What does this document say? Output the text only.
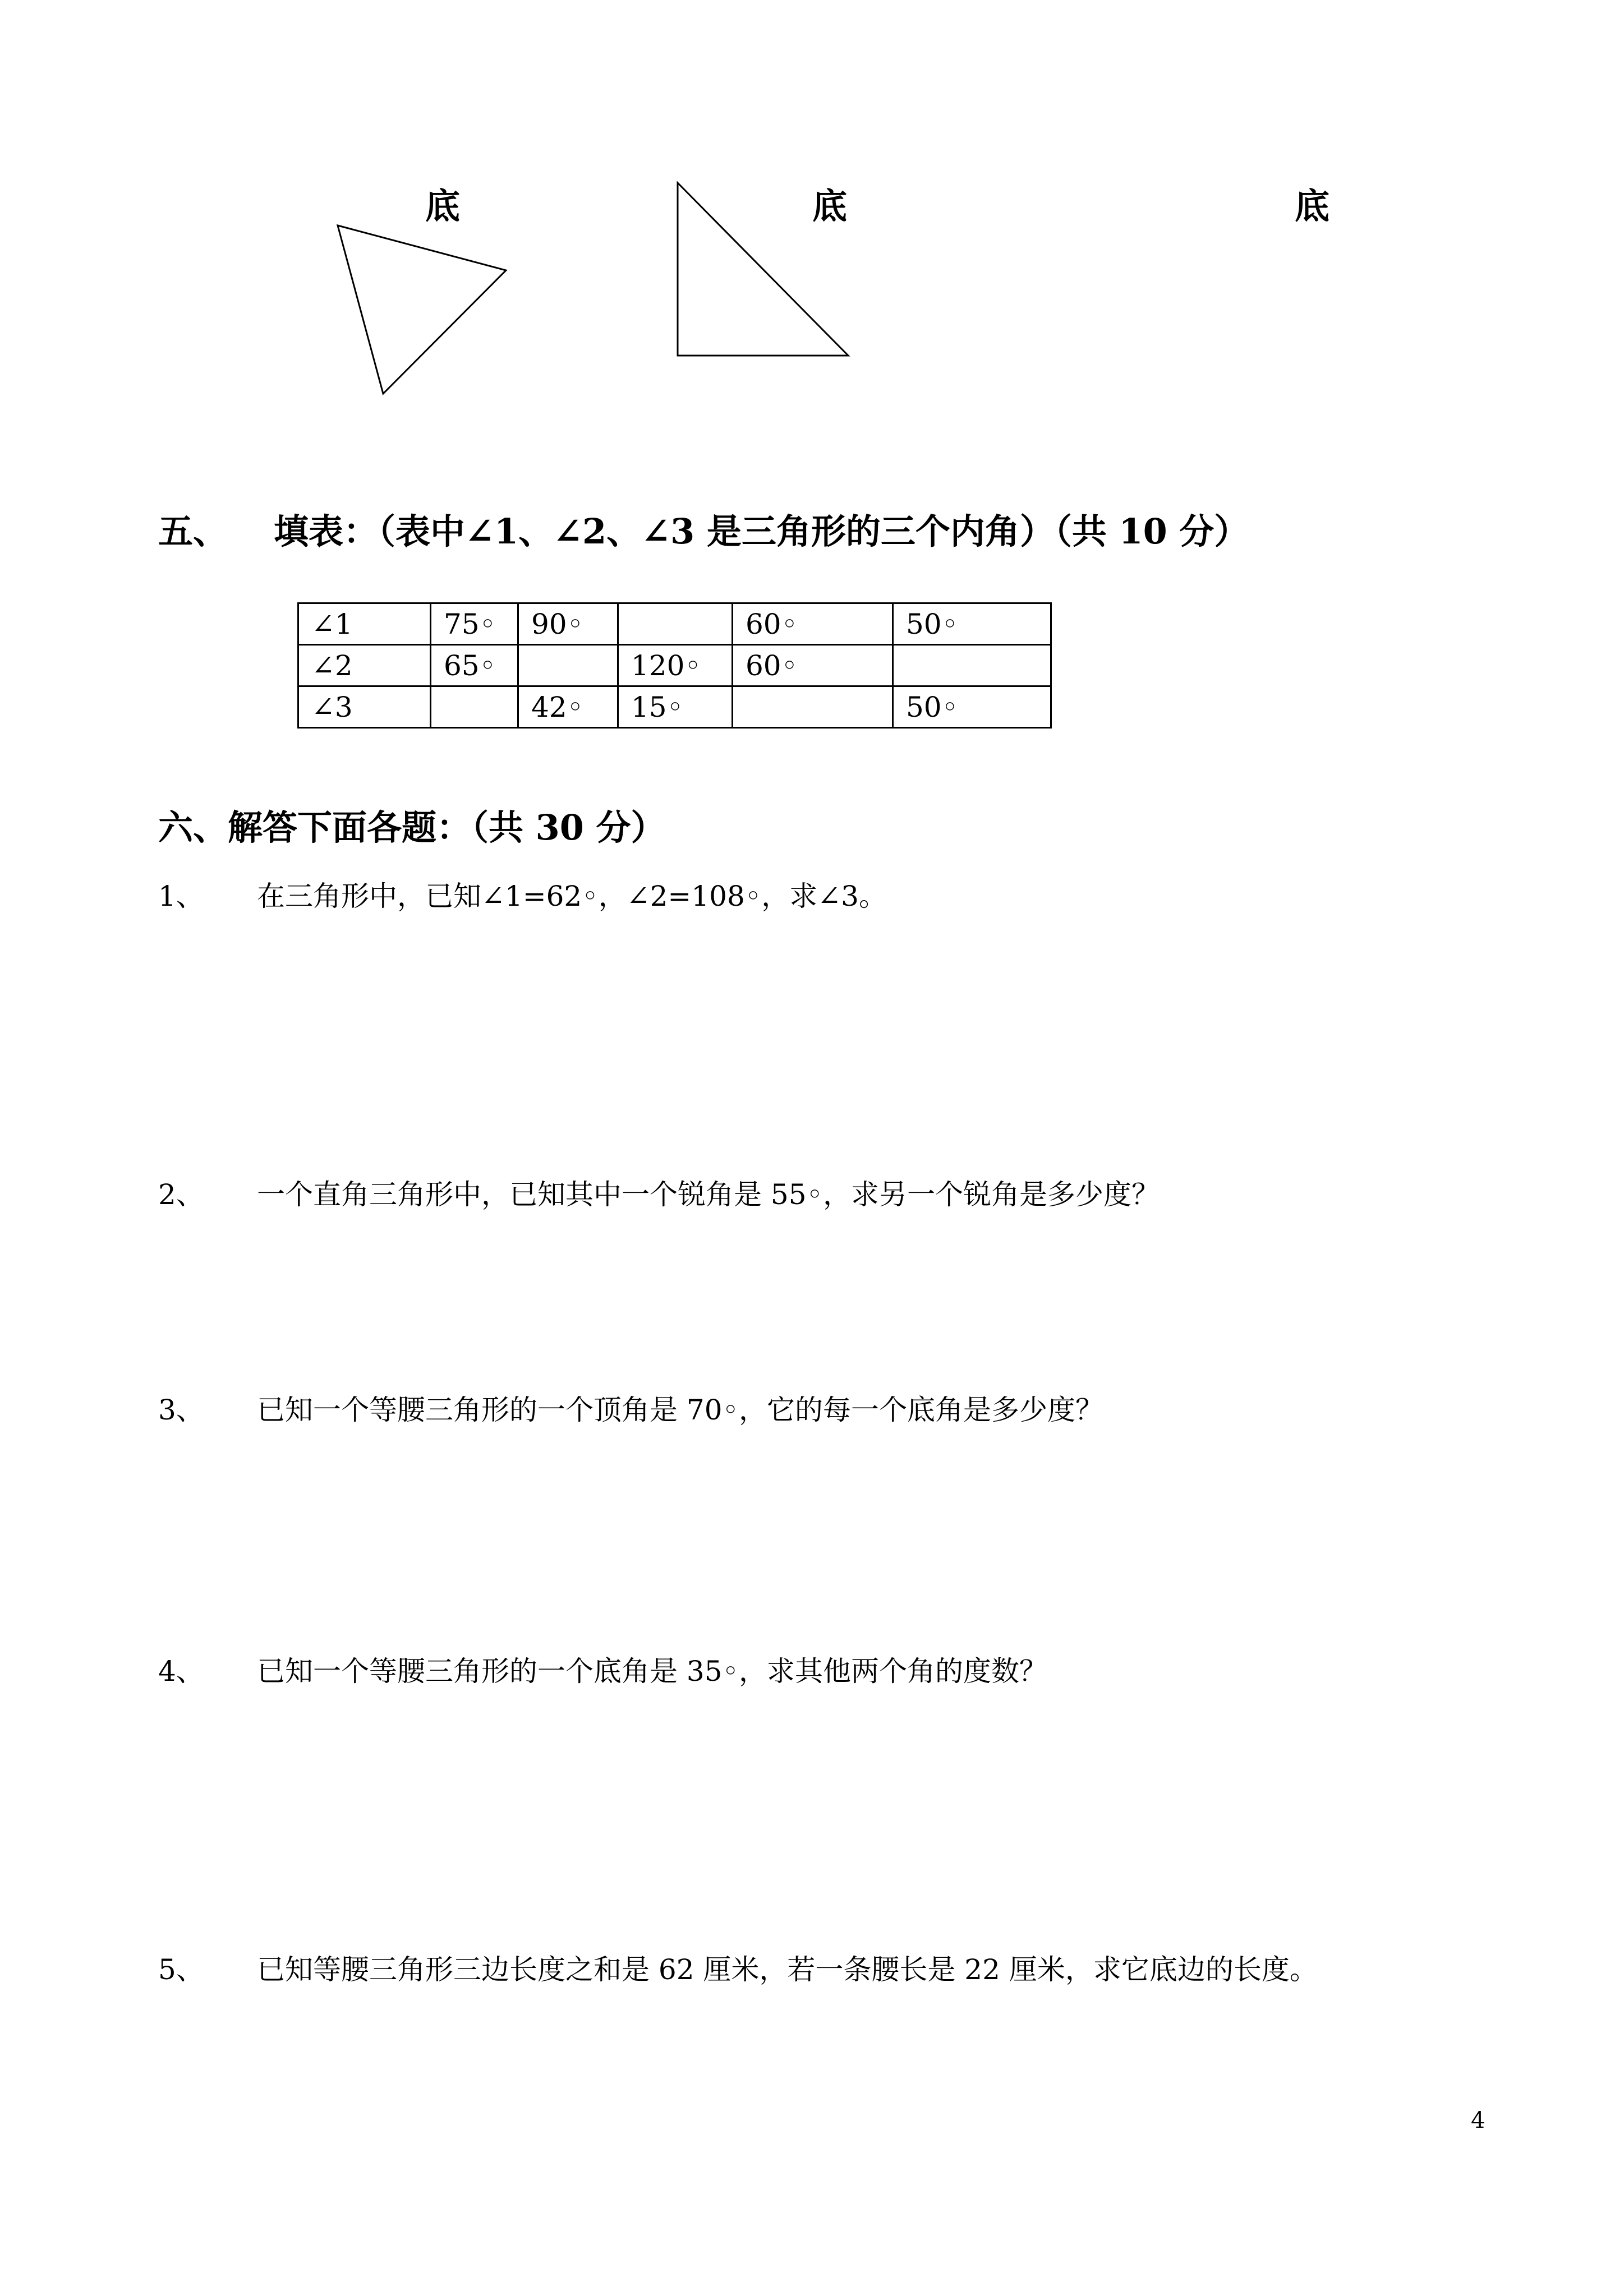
底	底	底
五、 填表：（表中∠1、∠2、∠3 是三角形的三个内角）（共 10 分）
∠1	75◦	90◦		60◦	50◦
∠2	65◦		120◦	60◦	
∠3		42◦	15◦		50◦
六、解答下面各题：（共 30 分）
1、 在三角形中，已知∠1=62◦，∠2=108◦，求∠3。
2、 一个直角三角形中，已知其中一个锐角是 55◦，求另一个锐角是多少度？
3、 已知一个等腰三角形的一个顶角是 70◦，它的每一个底角是多少度？
4、 已知一个等腰三角形的一个底角是 35◦，求其他两个角的度数？
5、 已知等腰三角形三边长度之和是 62 厘米，若一条腰长是 22 厘米，求它底边的长度。
4
